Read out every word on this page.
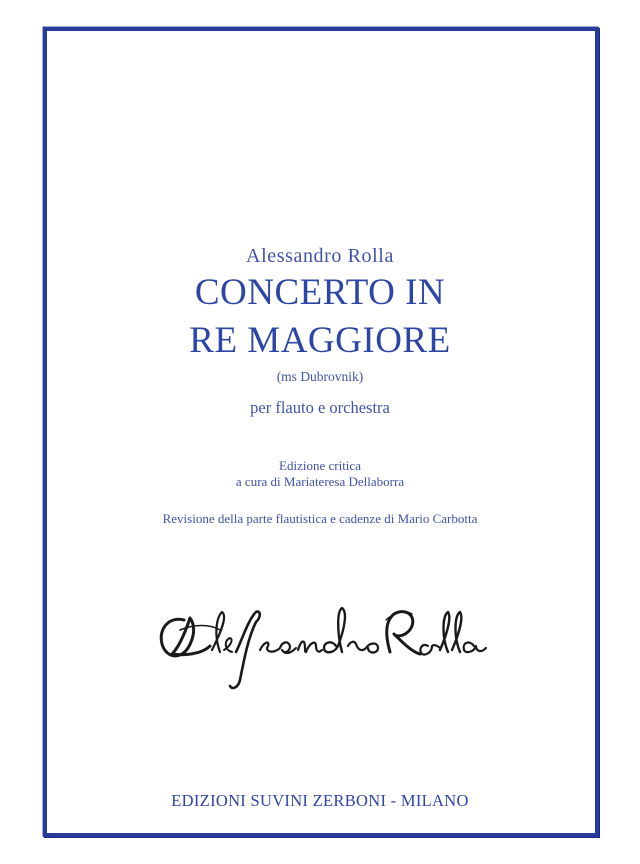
Alessandro Rolla

CONCERTO IN
RE MAGGIORE

(ms Dubrovnik)

per flauto e orchestra

Edizione critica

a cura di Mariateresa Dellaborra

Revisione della parte flautistica e cadenze di Mario Carbotta

EDIZIONI SUVINI ZERBONI - MILANO
